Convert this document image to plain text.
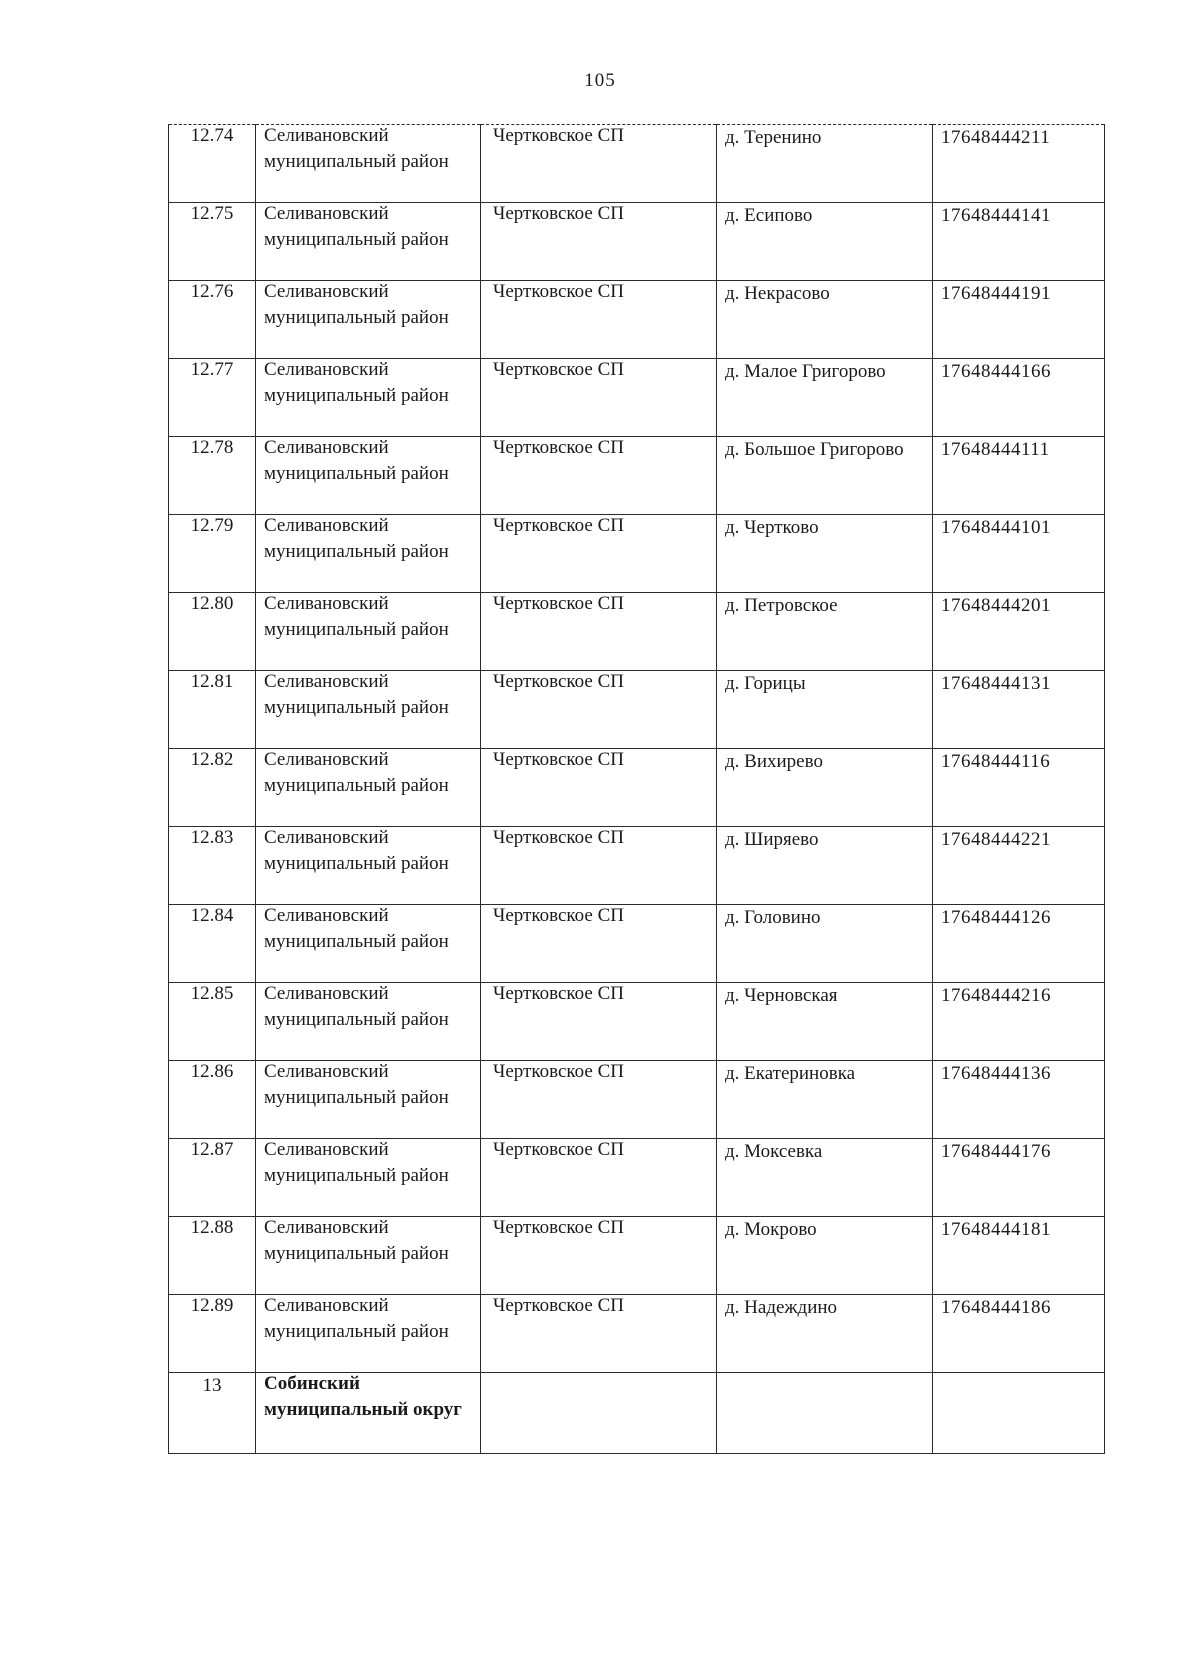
105
12.74	Селивановский муниципальный район	Чертковское СП	д. Теренино	17648444211

12.75	Селивановский муниципальный район	Чертковское СП	д. Есипово	17648444141

12.76	Селивановский муниципальный район	Чертковское СП	д. Некрасово	17648444191

12.77	Селивановский муниципальный район	Чертковское СП	д. Малое Григорово	17648444166

12.78	Селивановский муниципальный район	Чертковское СП	д. Большое Григорово	17648444111

12.79	Селивановский муниципальный район	Чертковское СП	д. Чертково	17648444101

12.80	Селивановский муниципальный район	Чертковское СП	д. Петровское	17648444201

12.81	Селивановский муниципальный район	Чертковское СП	д. Горицы	17648444131

12.82	Селивановский муниципальный район	Чертковское СП	д. Вихирево	17648444116

12.83	Селивановский муниципальный район	Чертковское СП	д. Ширяево	17648444221

12.84	Селивановский муниципальный район	Чертковское СП	д. Головино	17648444126

12.85	Селивановский муниципальный район	Чертковское СП	д. Черновская	17648444216

12.86	Селивановский муниципальный район	Чертковское СП	д. Екатериновка	17648444136

12.87	Селивановский муниципальный район	Чертковское СП	д. Моксевка	17648444176

12.88	Селивановский муниципальный район	Чертковское СП	д. Мокрово	17648444181

12.89	Селивановский муниципальный район	Чертковское СП	д. Надеждино	17648444186

13	Собинский муниципальный округ			
